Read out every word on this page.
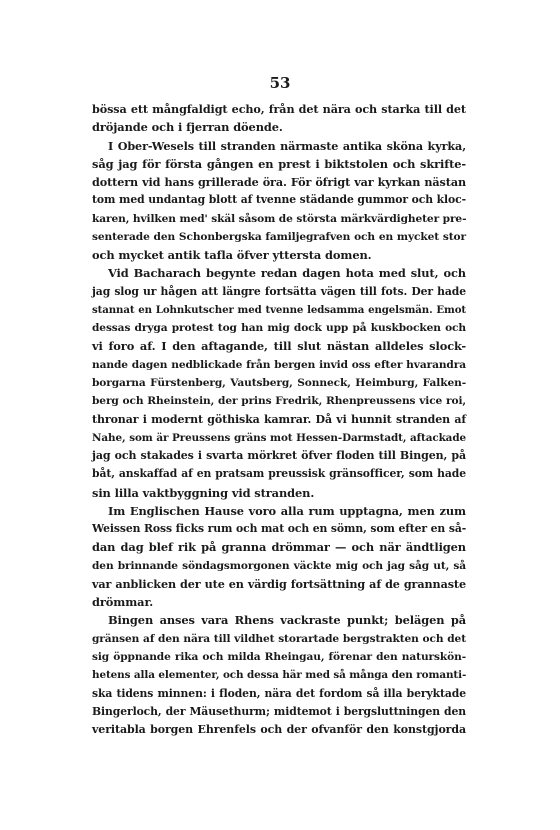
53
bössa ett mångfaldigt echo, från det nära och starka till det
dröjande och i fjerran döende.
I Ober-Wesels till stranden närmaste antika sköna kyrka,
såg jag för första gången en prest i biktstolen och skrifte-
dottern vid hans grillerade öra. För öfrigt var kyrkan nästan
tom med undantag blott af tvenne städande gummor och kloc-
karen, hvilken med' skäl såsom de största märkvärdigheter pre-
senterade den Schonbergska familjegrafven och en mycket stor
och mycket antik tafla öfver yttersta domen.
Vid Bacharach begynte redan dagen hota med slut, och
jag slog ur hågen att längre fortsätta vägen till fots. Der hade
stannat en Lohnkutscher med tvenne ledsamma engelsmän. Emot
dessas dryga protest tog han mig dock upp på kuskbocken och
vi foro af. I den aftagande, till slut nästan alldeles slock-
nande dagen nedblickade från bergen invid oss efter hvarandra
borgarna Fürstenberg, Vautsberg, Sonneck, Heimburg, Falken-
berg och Rheinstein, der prins Fredrik, Rhenpreussens vice roi,
thronar i modernt göthiska kamrar. Då vi hunnit stranden af
Nahe, som är Preussens gräns mot Hessen-Darmstadt, aftackade
jag och stakades i svarta mörkret öfver floden till Bingen, på
båt, anskaffad af en pratsam preussisk gränsofficer, som hade
sin lilla vaktbyggning vid stranden.
Im Englischen Hause voro alla rum upptagna, men zum
Weissen Ross ficks rum och mat och en sömn, som efter en så-
dan dag blef rik på granna drömmar — och när ändtligen
den brinnande söndagsmorgonen väckte mig och jag såg ut, så
var anblicken der ute en värdig fortsättning af de grannaste
drömmar.
Bingen anses vara Rhens vackraste punkt; belägen på
gränsen af den nära till vildhet storartade bergstrakten och det
sig öppnande rika och milda Rheingau, förenar den naturskön-
hetens alla elementer, och dessa här med så många den romanti-
ska tidens minnen: i floden, nära det fordom så illa beryktade
Bingerloch, der Mäusethurm; midtemot i bergsluttningen den
veritabla borgen Ehrenfels och der ofvanför den konstgjorda
